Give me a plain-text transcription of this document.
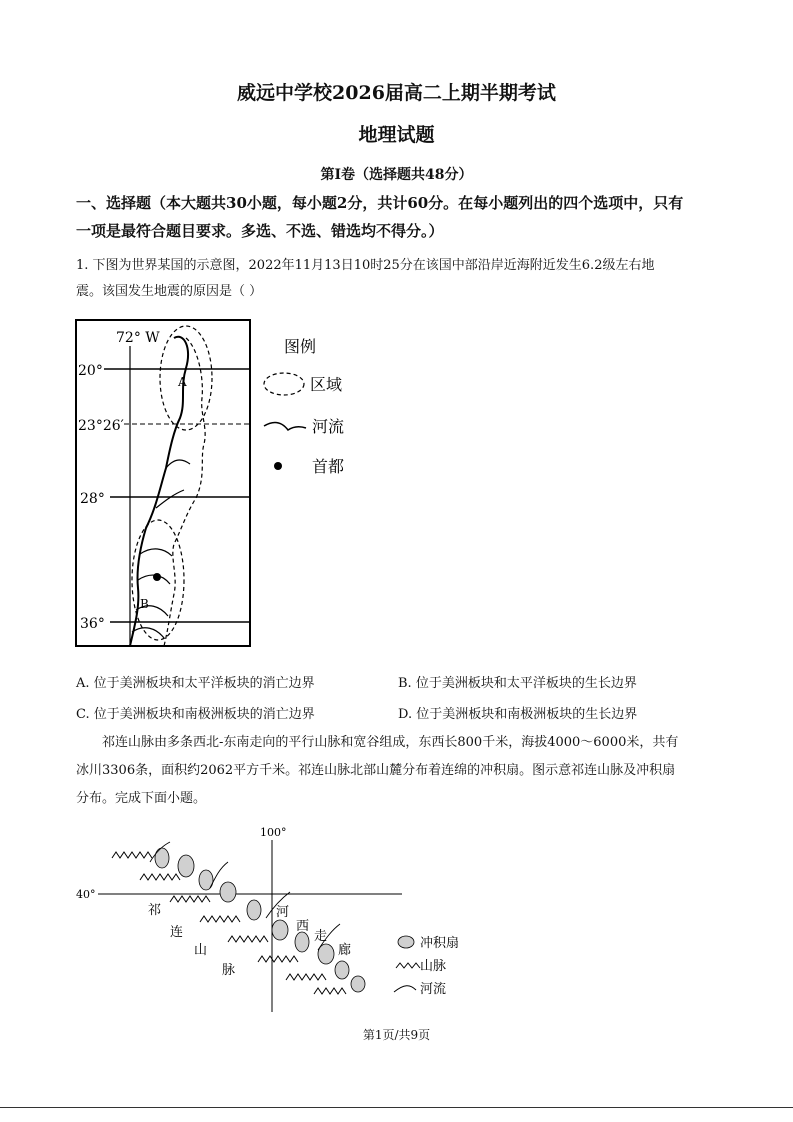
威远中学校2026届高二上期半期考试
地理试题
第I卷（选择题共48分）
一、选择题（本大题共30小题，每小题2分，共计60分。在每小题列出的四个选项中，只有
一项是最符合题目要求。多选、不选、错选均不得分。）
1. 下图为世界某国的示意图，2022年11月13日10时25分在该国中部沿岸近海附近发生6.2级左右地
震。该国发生地震的原因是（ ）
72° W
20°
23°26′
28°
36°
A
B
图例
区域
河流
首都
A. 位于美洲板块和太平洋板块的消亡边界	B. 位于美洲板块和太平洋板块的生长边界
C. 位于美洲板块和南极洲板块的消亡边界	D. 位于美洲板块和南极洲板块的生长边界
祁连山脉由多条西北-东南走向的平行山脉和宽谷组成，东西长800千米，海拔4000～6000米，共有
冰川3306条，面积约2062平方千米。祁连山脉北部山麓分布着连绵的冲积扇。图示意祁连山脉及冲积扇
分布。完成下面小题。
100°
40°
祁
连
山
脉
河
西
走
廊	冲积扇
山脉
河流
第1页/共9页
